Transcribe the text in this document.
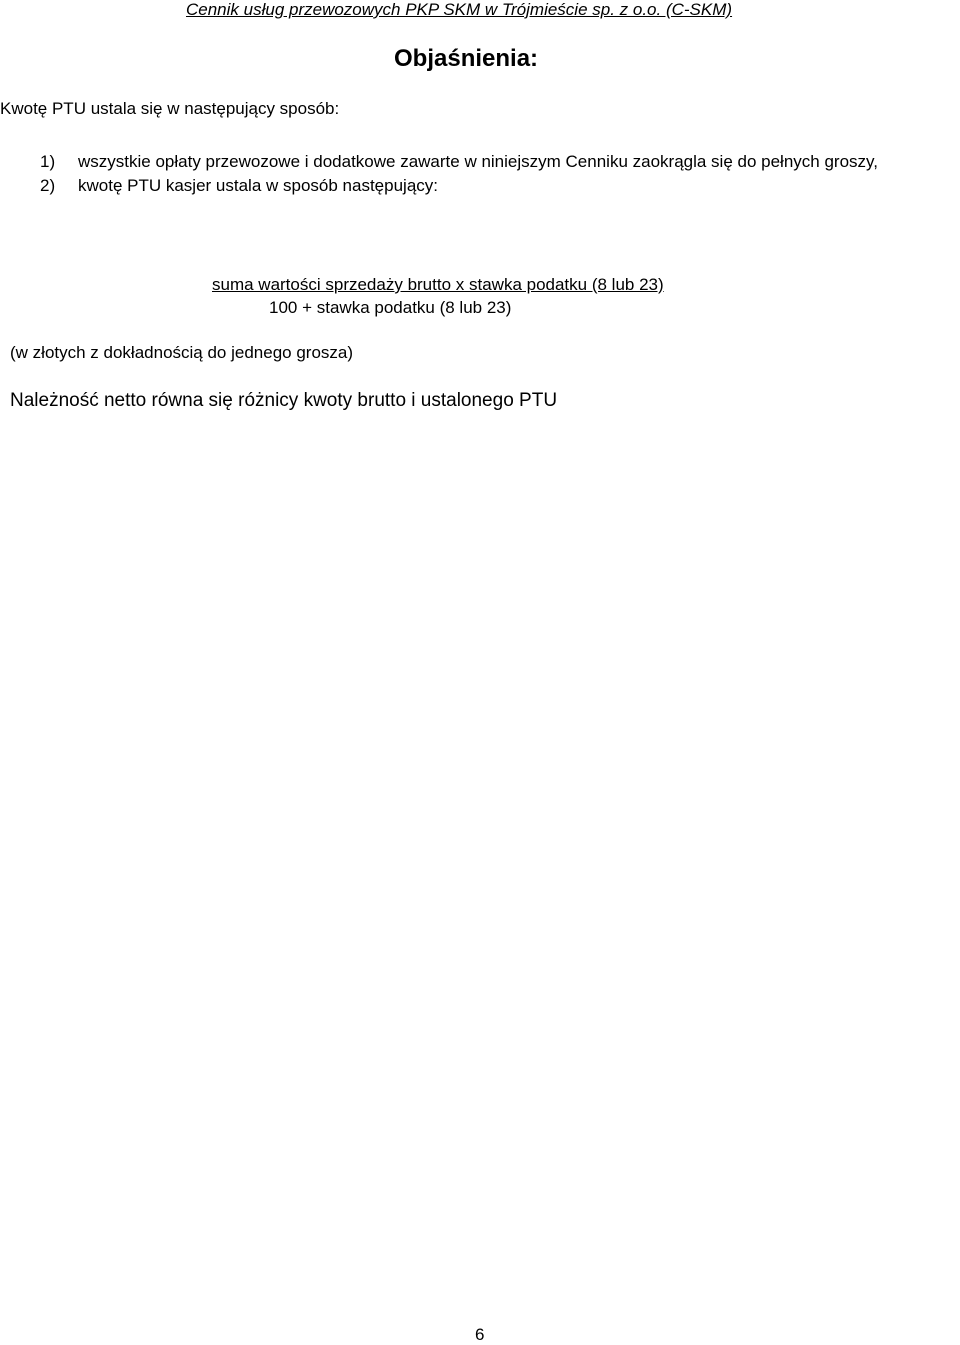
Cennik usług przewozowych PKP SKM w Trójmieście sp. z o.o. (C-SKM)
Objaśnienia:
Kwotę PTU ustala się w następujący sposób:
1) wszystkie opłaty przewozowe i dodatkowe zawarte w niniejszym Cenniku zaokrągla się do pełnych groszy,
2) kwotę PTU kasjer ustala w sposób następujący:
suma wartości sprzedaży brutto x stawka podatku (8 lub 23)
100 + stawka podatku (8 lub 23)
(w złotych z dokładnością do jednego grosza)
Należność netto równa się różnicy kwoty brutto i ustalonego PTU
6
